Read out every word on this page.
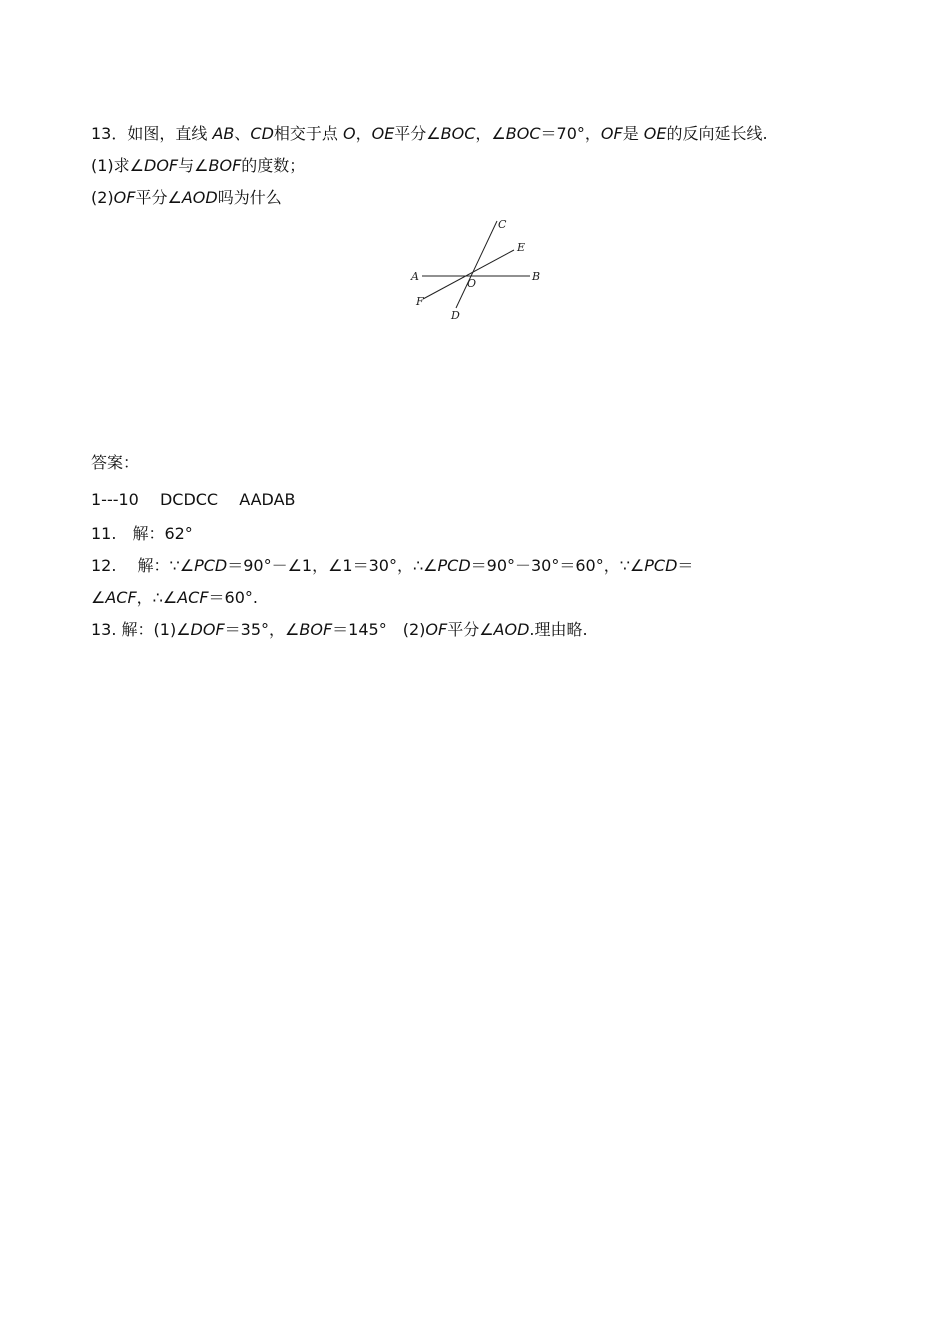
13．如图，直线 AB、CD相交于点 O，OE平分∠BOC，∠BOC＝70°，OF是 OE的反向延长线.
(1)求∠DOF与∠BOF的度数；
(2)OF平分∠AOD吗为什么
A	B
C
D
E
F
O
答案：
1---10　 DCDCC　 AADAB
11.　解：62°
12.　 解：∵∠PCD＝90°－∠1，∠1＝30°，∴∠PCD＝90°－30°＝60°，∵∠PCD＝
∠ACF，∴∠ACF＝60°.
13. 解：(1)∠DOF＝35°，∠BOF＝145°　(2)OF平分∠AOD.理由略.
